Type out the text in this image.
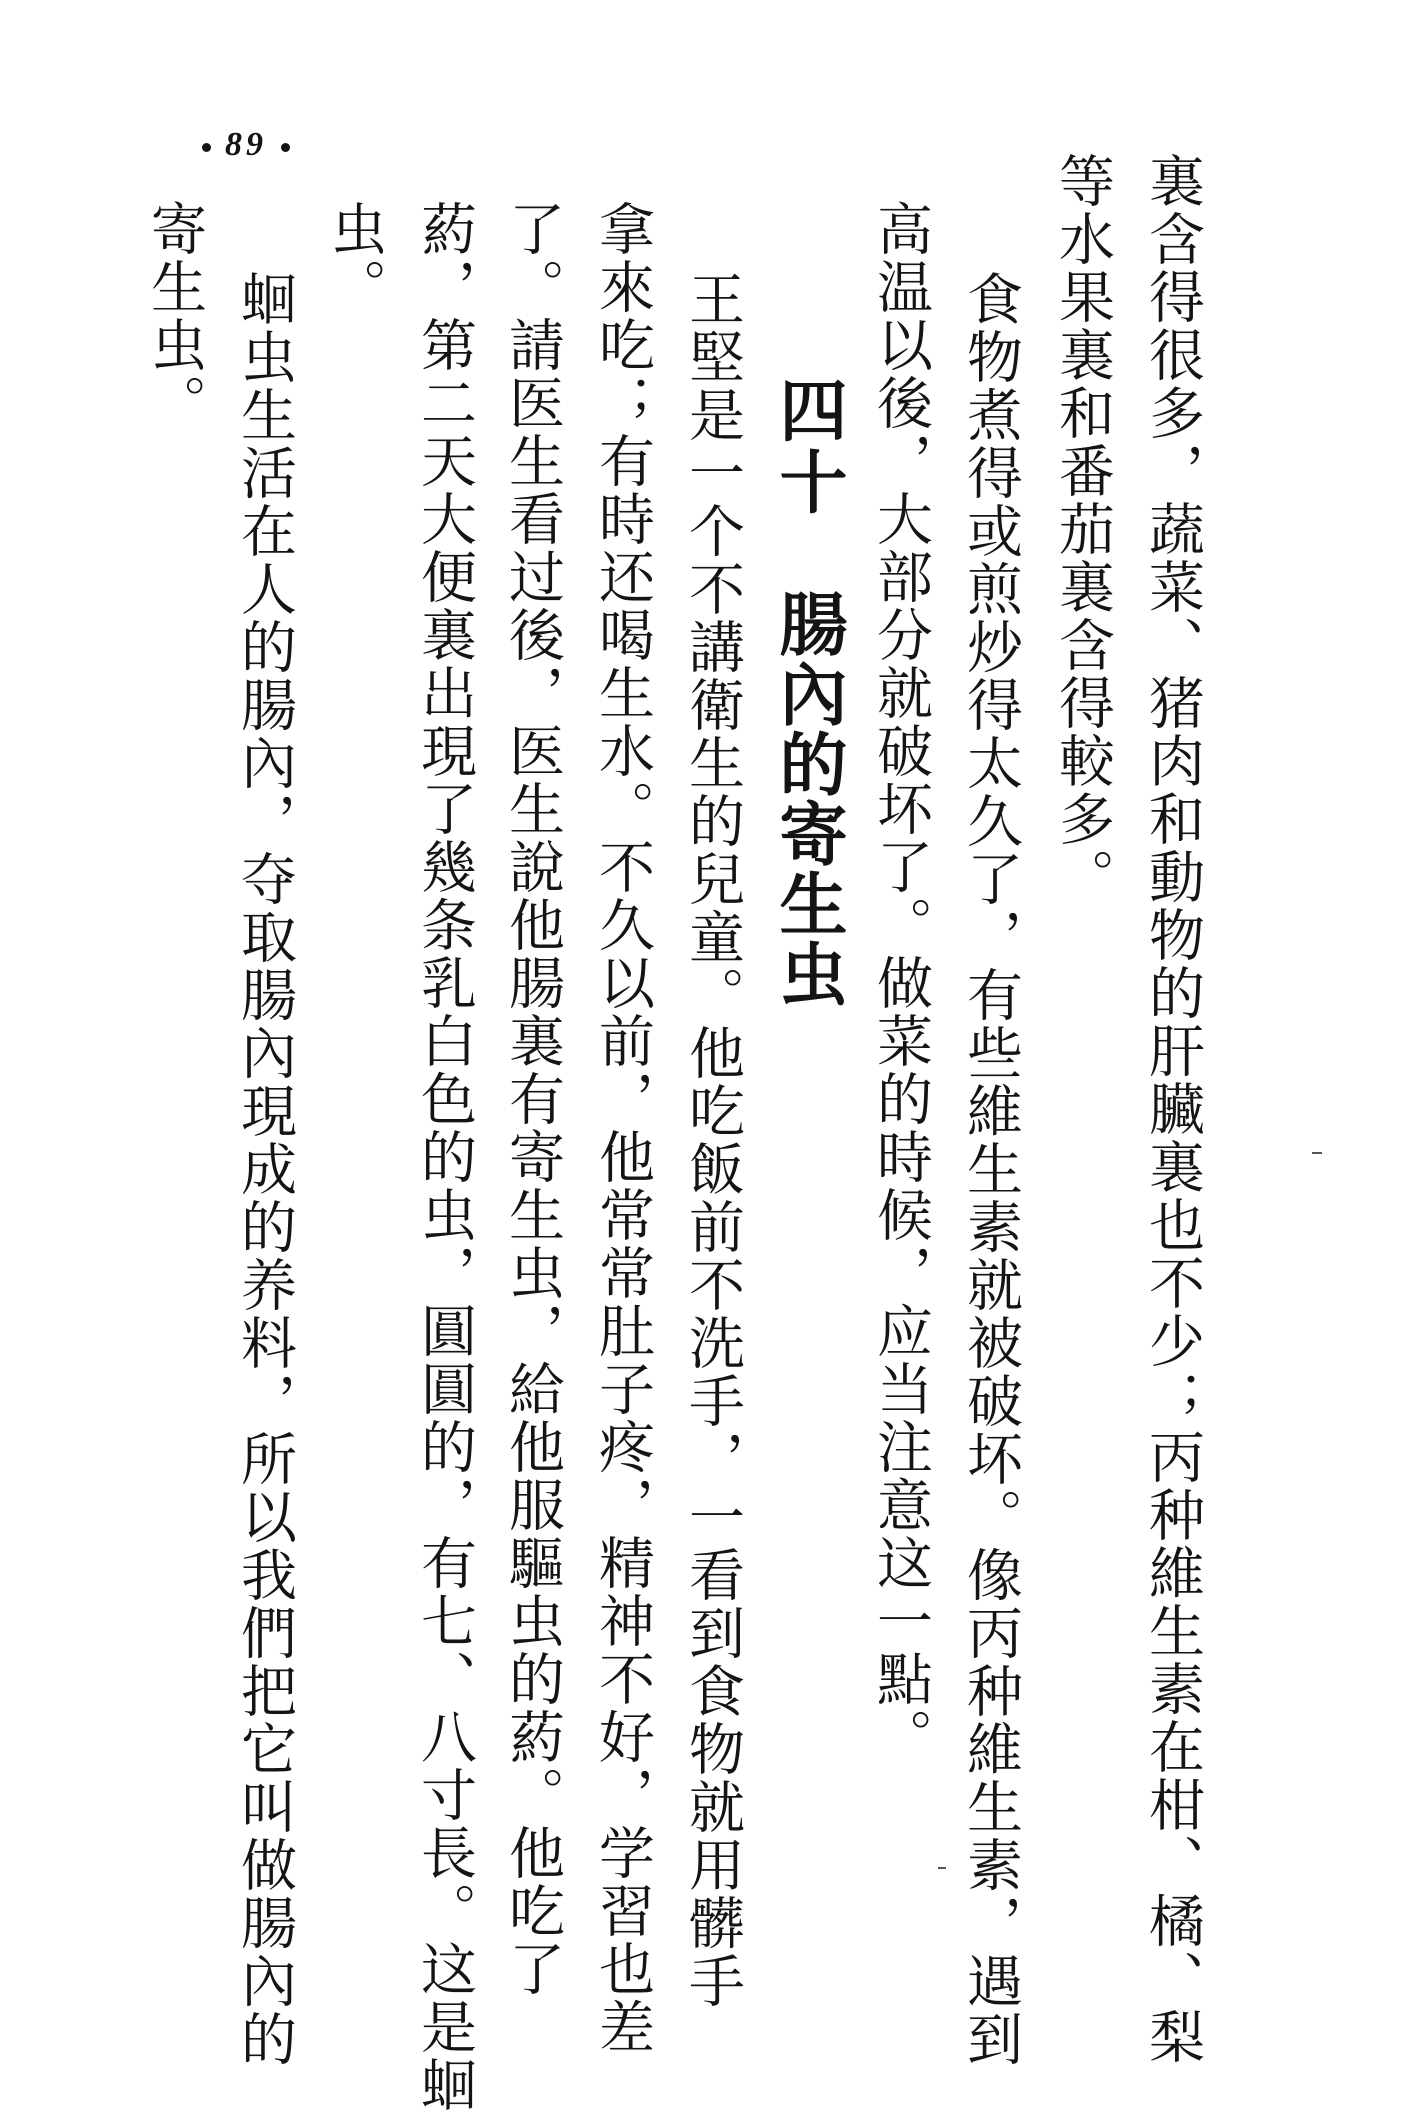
89
裏含得很多，蔬菜、猪肉和動物的肝臟裏也不少；丙种維生素在柑、橘、梨
等水果裏和番茄裏含得較多。
食物煮得或煎炒得太久了，有些維生素就被破坏。像丙种維生素，遇到
高温以後，大部分就破坏了。做菜的時候，应当注意这一點。
四十腸內的寄生虫
王堅是一个不講衛生的兒童。他吃飯前不洗手，一看到食物就用髒手
拿來吃；有時还喝生水。不久以前，他常常肚子疼，精神不好，学習也差
了。請医生看过後，医生說他腸裏有寄生虫，給他服驅虫的葯。他吃了
葯，第二天大便裏出現了幾条乳白色的虫，圓圓的，有七、八寸長。这是蛔
虫。
蛔虫生活在人的腸內，夺取腸內現成的养料，所以我們把它叫做腸內的
寄生虫。
